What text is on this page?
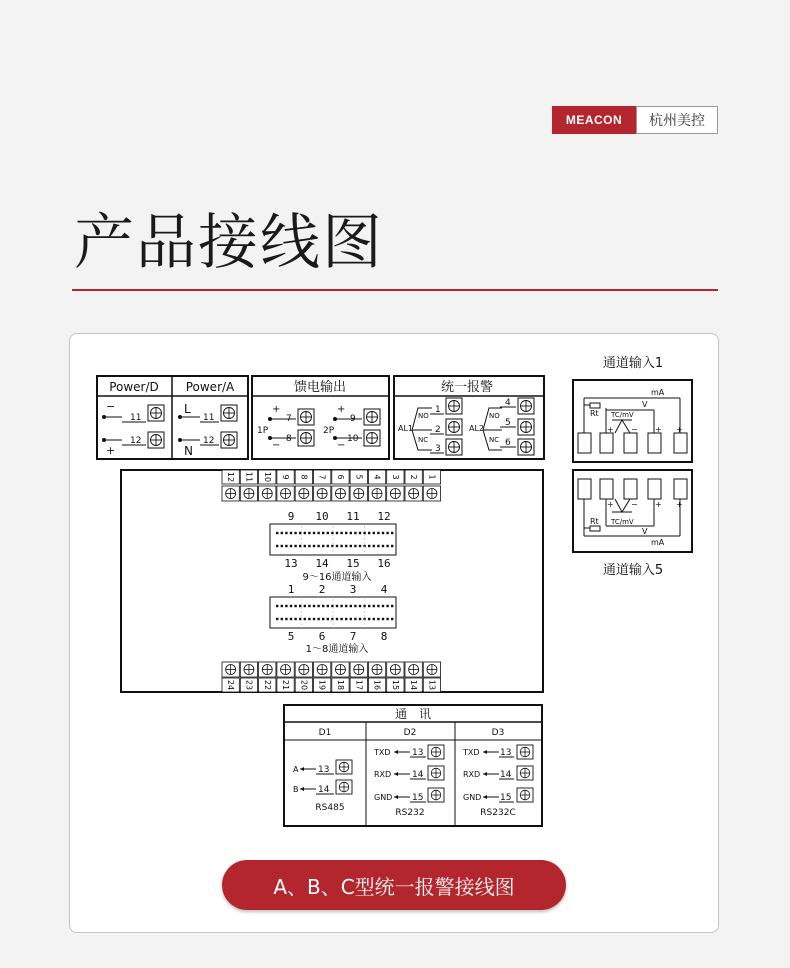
MEACON	杭州美控
产品接线图
Power/D Power/A
−
11
+
12
L
11
N
12
馈电输出
1P
+
7
−
8
2P
+
9
−
10
统一报警
AL1
NO
NC
1
2
3
AL2
NO
NC
4
5
6
12 11 10 9 8 7 6 5 4 3 2 1
24 23 22 21 20 19 18 17 16 15 14 13
9 10 11 12
13 14 15 16
9～16通道输入
1 2 3 4
5 6 7 8
1～8通道输入
通道输入1
mA
Rt
V
TC/mV
+ − + +
mA
Rt
V
TC/mV
+ − + +
通道输入5
通　讯
D1	D2	D3
A 13
B 14
RS485
TXD 13
RXD 14
GND 15
RS232
TXD 13
RXD 14
GND 15
RS232C
A、B、C型统一报警接线图
